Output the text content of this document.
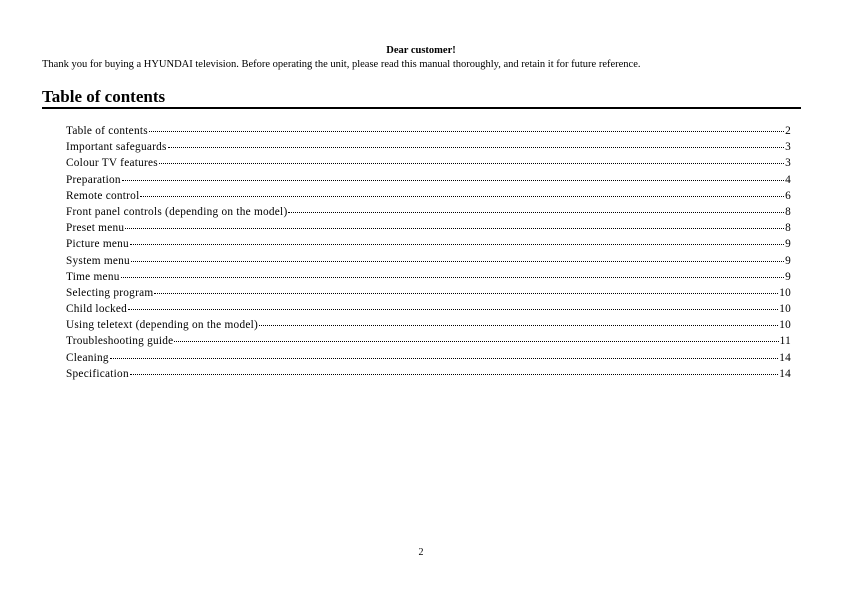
Dear customer!
Thank you for buying a HYUNDAI television. Before operating the unit, please read this manual thoroughly, and retain it for future reference.
Table of contents
Table of contents	2
Important safeguards	3
Colour TV features	3
Preparation	4
Remote control	6
Front panel controls (depending on the model)	8
Preset menu	8
Picture menu	9
System menu	9
Time menu	9
Selecting program	10
Child locked	10
Using teletext (depending on the model)	10
Troubleshooting guide	11
Cleaning	14
Specification	14
2
